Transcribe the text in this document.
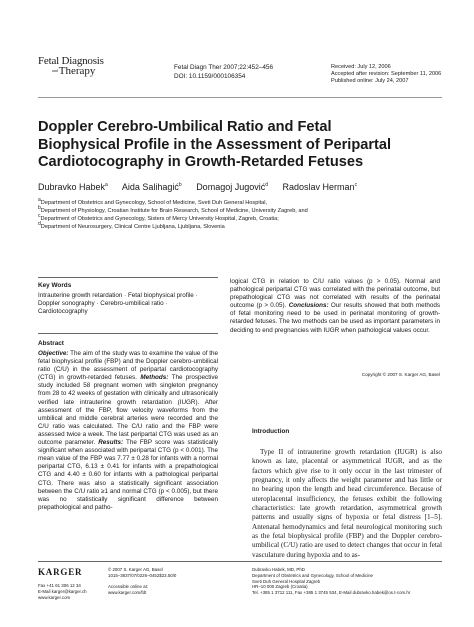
Fetal Diagnosis
andTherapy	Fetal Diagn Ther 2007;22:452–456
DOI: 10.1159/000106354
Received: July 12, 2006
Accepted after revision: September 11, 2006
Published online: July 24, 2007
Doppler Cerebro-Umbilical Ratio and Fetal
Biophysical Profile in the Assessment of Peripartal
Cardiotocography in Growth-Retarded Fetuses
Dubravko Habek$^a$ Aida Salihagić$^b$ Domagoj Jugović$^d$ Radoslav Herman$^c$
aDepartment of Obstetrics and Gynecology, School of Medicine, Sveti Duh General Hospital,
bDepartment of Physiology, Croatian Institute for Brain Research, School of Medicine, University Zagreb, and
cDepartment of Obstetrics and Gynecology, Sisters of Mercy University Hospital, Zagreb, Croatia;
dDepartment of Neurosurgery, Clinical Centre Ljubljana, Ljubljana, Slovenia
Key Words
Intrauterine growth retardation · Fetal biophysical profile · Doppler sonography · Cerebro-umbilical ratio · Cardiotocography
Abstract
Objective: The aim of the study was to examine the value of the fetal biophysical profile (FBP) and the Doppler cerebro-umbilical ratio (C/U) in the assessment of peripartal cardiotocography (CTG) in growth-retarded fetuses. Methods: The prospective study included 58 pregnant women with singleton pregnancy from 28 to 42 weeks of gestation with clinically and ultrasonically verified late intrauterine growth retardation (IUGR). After assessment of the FBP, flow velocity waveforms from the umbilical and middle cerebral arteries were recorded and the C/U ratio was calculated. The C/U ratio and the FBP were assessed twice a week. The last peripartal CTG was used as an outcome parameter. Results: The FBP score was statistically significant when associated with peripartal CTG (p < 0.001). The mean value of the FBP was 7.77 ± 0.28 for infants with a normal peripartal CTG, 6.13 ± 0.41 for infants with a prepathological CTG and 4.40 ± 0.60 for infants with a pathological peripartal CTG. There was also a statistically significant association between the C/U ratio ≥1 and normal CTG (p < 0.005), but there was no statistically significant difference between prepathological and patho-
logical CTG in relation to C/U ratio values (p > 0.05). Normal and pathological peripartal CTG was correlated with the perinatal outcome, but prepathological CTG was not correlated with results of the perinatal outcome (p > 0.05). Conclusions: Our results showed that both methods of fetal monitoring need to be used in perinatal monitoring of growth-retarded fetuses. The two methods can be used as important parameters in deciding to end pregnancies with IUGR when pathological values occur.
Copyright © 2007 S. Karger AG, Basel
Introduction
Type II of intrauterine growth retardation (IUGR) is also known as late, placental or asymmetrical IUGR, and as the factors which give rise to it only occur in the last trimester of pregnancy, it only affects the weight parameter and has little or no bearing upon the length and head circumference. Because of uteroplacental insufficiency, the fetuses exhibit the following characteristics: late growth retardation, asymmetrical growth patterns and usually signs of hypoxia or fetal distress [1–5]. Antenatal hemodynamics and fetal neurological monitoring such as the fetal biophysical profile (FBP) and the Doppler cerebro-umbilical (C/U) ratio are used to detect changes that occur in fetal vasculature during hypoxia and to as-
KARGER
Fax +41 61 306 12 34
E-Mail karger@karger.ch
www.karger.com
© 2007 S. Karger AG, Basel
1015–3837/07/0226–0452$23.50/0
Accessible online at:
www.karger.com/fdt
Dubravko Habek, MD, PhD
Department of Obstetrics and Gynecology, School of Medicine
Sveti Duh General Hospital Zagreb
HR–10 000 Zagreb (Croatia)
Tel. +385 1 3712 111, Fax +385 1 3745 534, E-Mail dubravko.habek@os.t-com.hr
